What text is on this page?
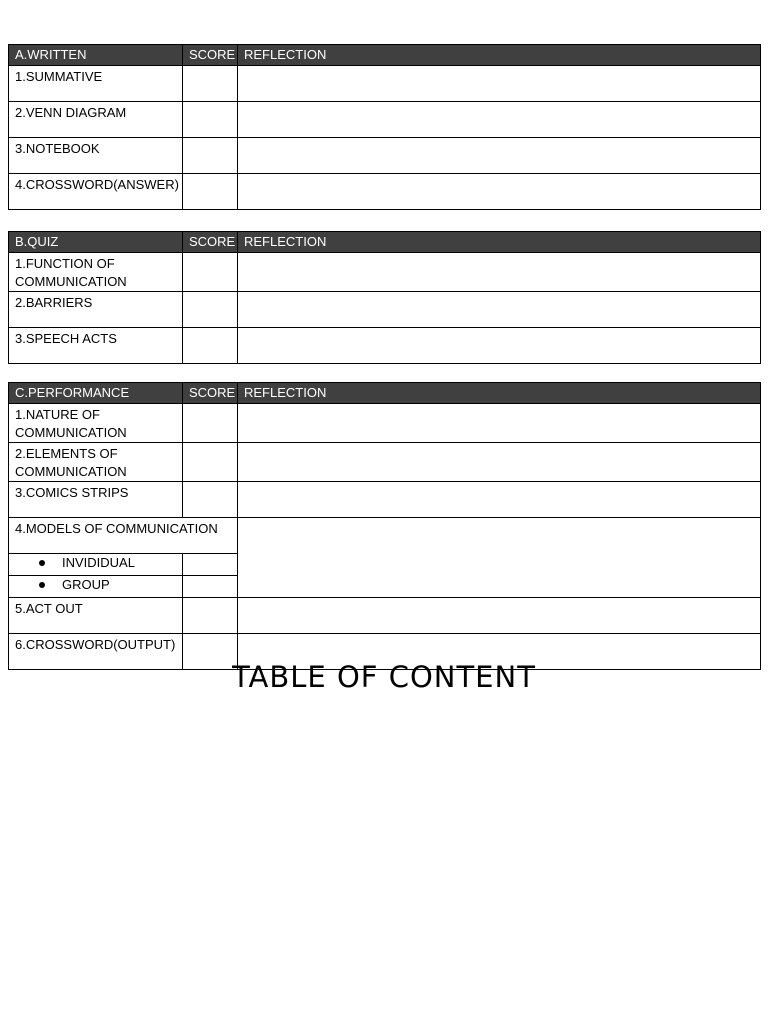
A.WRITTEN	SCORE	REFLECTION
1.SUMMATIVE		
2.VENN DIAGRAM		
3.NOTEBOOK		
4.CROSSWORD(ANSWER)		
B.QUIZ	SCORE	REFLECTION
1.FUNCTION OF COMMUNICATION		
2.BARRIERS		
3.SPEECH ACTS		
C.PERFORMANCE	SCORE	REFLECTION
1.NATURE OF COMMUNICATION		
2.ELEMENTS OF COMMUNICATION		
3.COMICS STRIPS		
4.MODELS OF COMMUNICATION		

INVIDIDUAL		

GROUP		
5.ACT OUT		
6.CROSSWORD(OUTPUT)		
TABLE OF CONTENT
